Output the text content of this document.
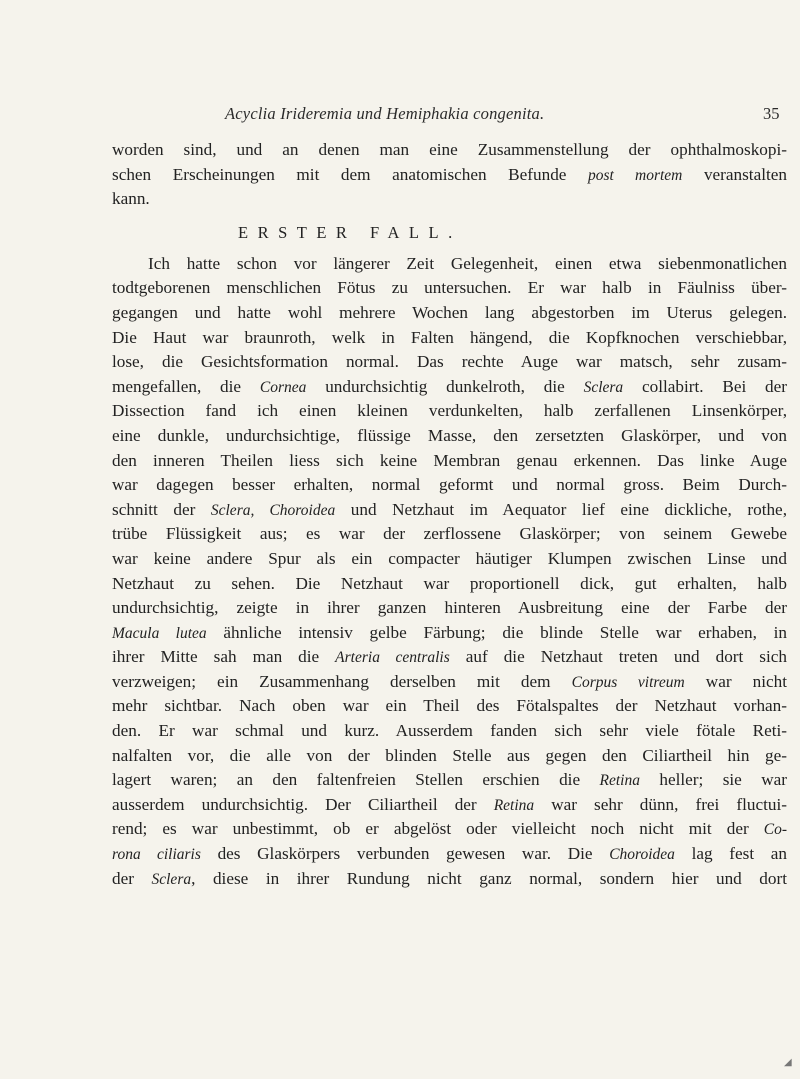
Acyclia Irideremia und Hemiphakia congenita.	35
worden sind, und an denen man eine Zusammenstellung der ophthalmoskopi-
schen Erscheinungen mit dem anatomischen Befunde post mortem veranstalten
kann.
ERSTER FALL.
Ich hatte schon vor längerer Zeit Gelegenheit, einen etwa siebenmonatlichen
todtgeborenen menschlichen Fötus zu untersuchen. Er war halb in Fäulniss über-
gegangen und hatte wohl mehrere Wochen lang abgestorben im Uterus gelegen.
Die Haut war braunroth, welk in Falten hängend, die Kopfknochen verschiebbar,
lose, die Gesichtsformation normal. Das rechte Auge war matsch, sehr zusam-
mengefallen, die Cornea undurchsichtig dunkelroth, die Sclera collabirt. Bei der
Dissection fand ich einen kleinen verdunkelten, halb zerfallenen Linsenkörper,
eine dunkle, undurchsichtige, flüssige Masse, den zersetzten Glaskörper, und von
den inneren Theilen liess sich keine Membran genau erkennen. Das linke Auge
war dagegen besser erhalten, normal geformt und normal gross. Beim Durch-
schnitt der Sclera, Choroidea und Netzhaut im Aequator lief eine dickliche, rothe,
trübe Flüssigkeit aus; es war der zerflossene Glaskörper; von seinem Gewebe
war keine andere Spur als ein compacter häutiger Klumpen zwischen Linse und
Netzhaut zu sehen. Die Netzhaut war proportionell dick, gut erhalten, halb
undurchsichtig, zeigte in ihrer ganzen hinteren Ausbreitung eine der Farbe der
Macula lutea ähnliche intensiv gelbe Färbung; die blinde Stelle war erhaben, in
ihrer Mitte sah man die Arteria centralis auf die Netzhaut treten und dort sich
verzweigen; ein Zusammenhang derselben mit dem Corpus vitreum war nicht
mehr sichtbar. Nach oben war ein Theil des Fötalspaltes der Netzhaut vorhan-
den. Er war schmal und kurz. Ausserdem fanden sich sehr viele fötale Reti-
nalfalten vor, die alle von der blinden Stelle aus gegen den Ciliartheil hin ge-
lagert waren; an den faltenfreien Stellen erschien die Retina heller; sie war
ausserdem undurchsichtig. Der Ciliartheil der Retina war sehr dünn, frei fluctui-
rend; es war unbestimmt, ob er abgelöst oder vielleicht noch nicht mit der Co-
rona ciliaris des Glaskörpers verbunden gewesen war. Die Choroidea lag fest an
der Sclera, diese in ihrer Rundung nicht ganz normal, sondern hier und dort
◢
